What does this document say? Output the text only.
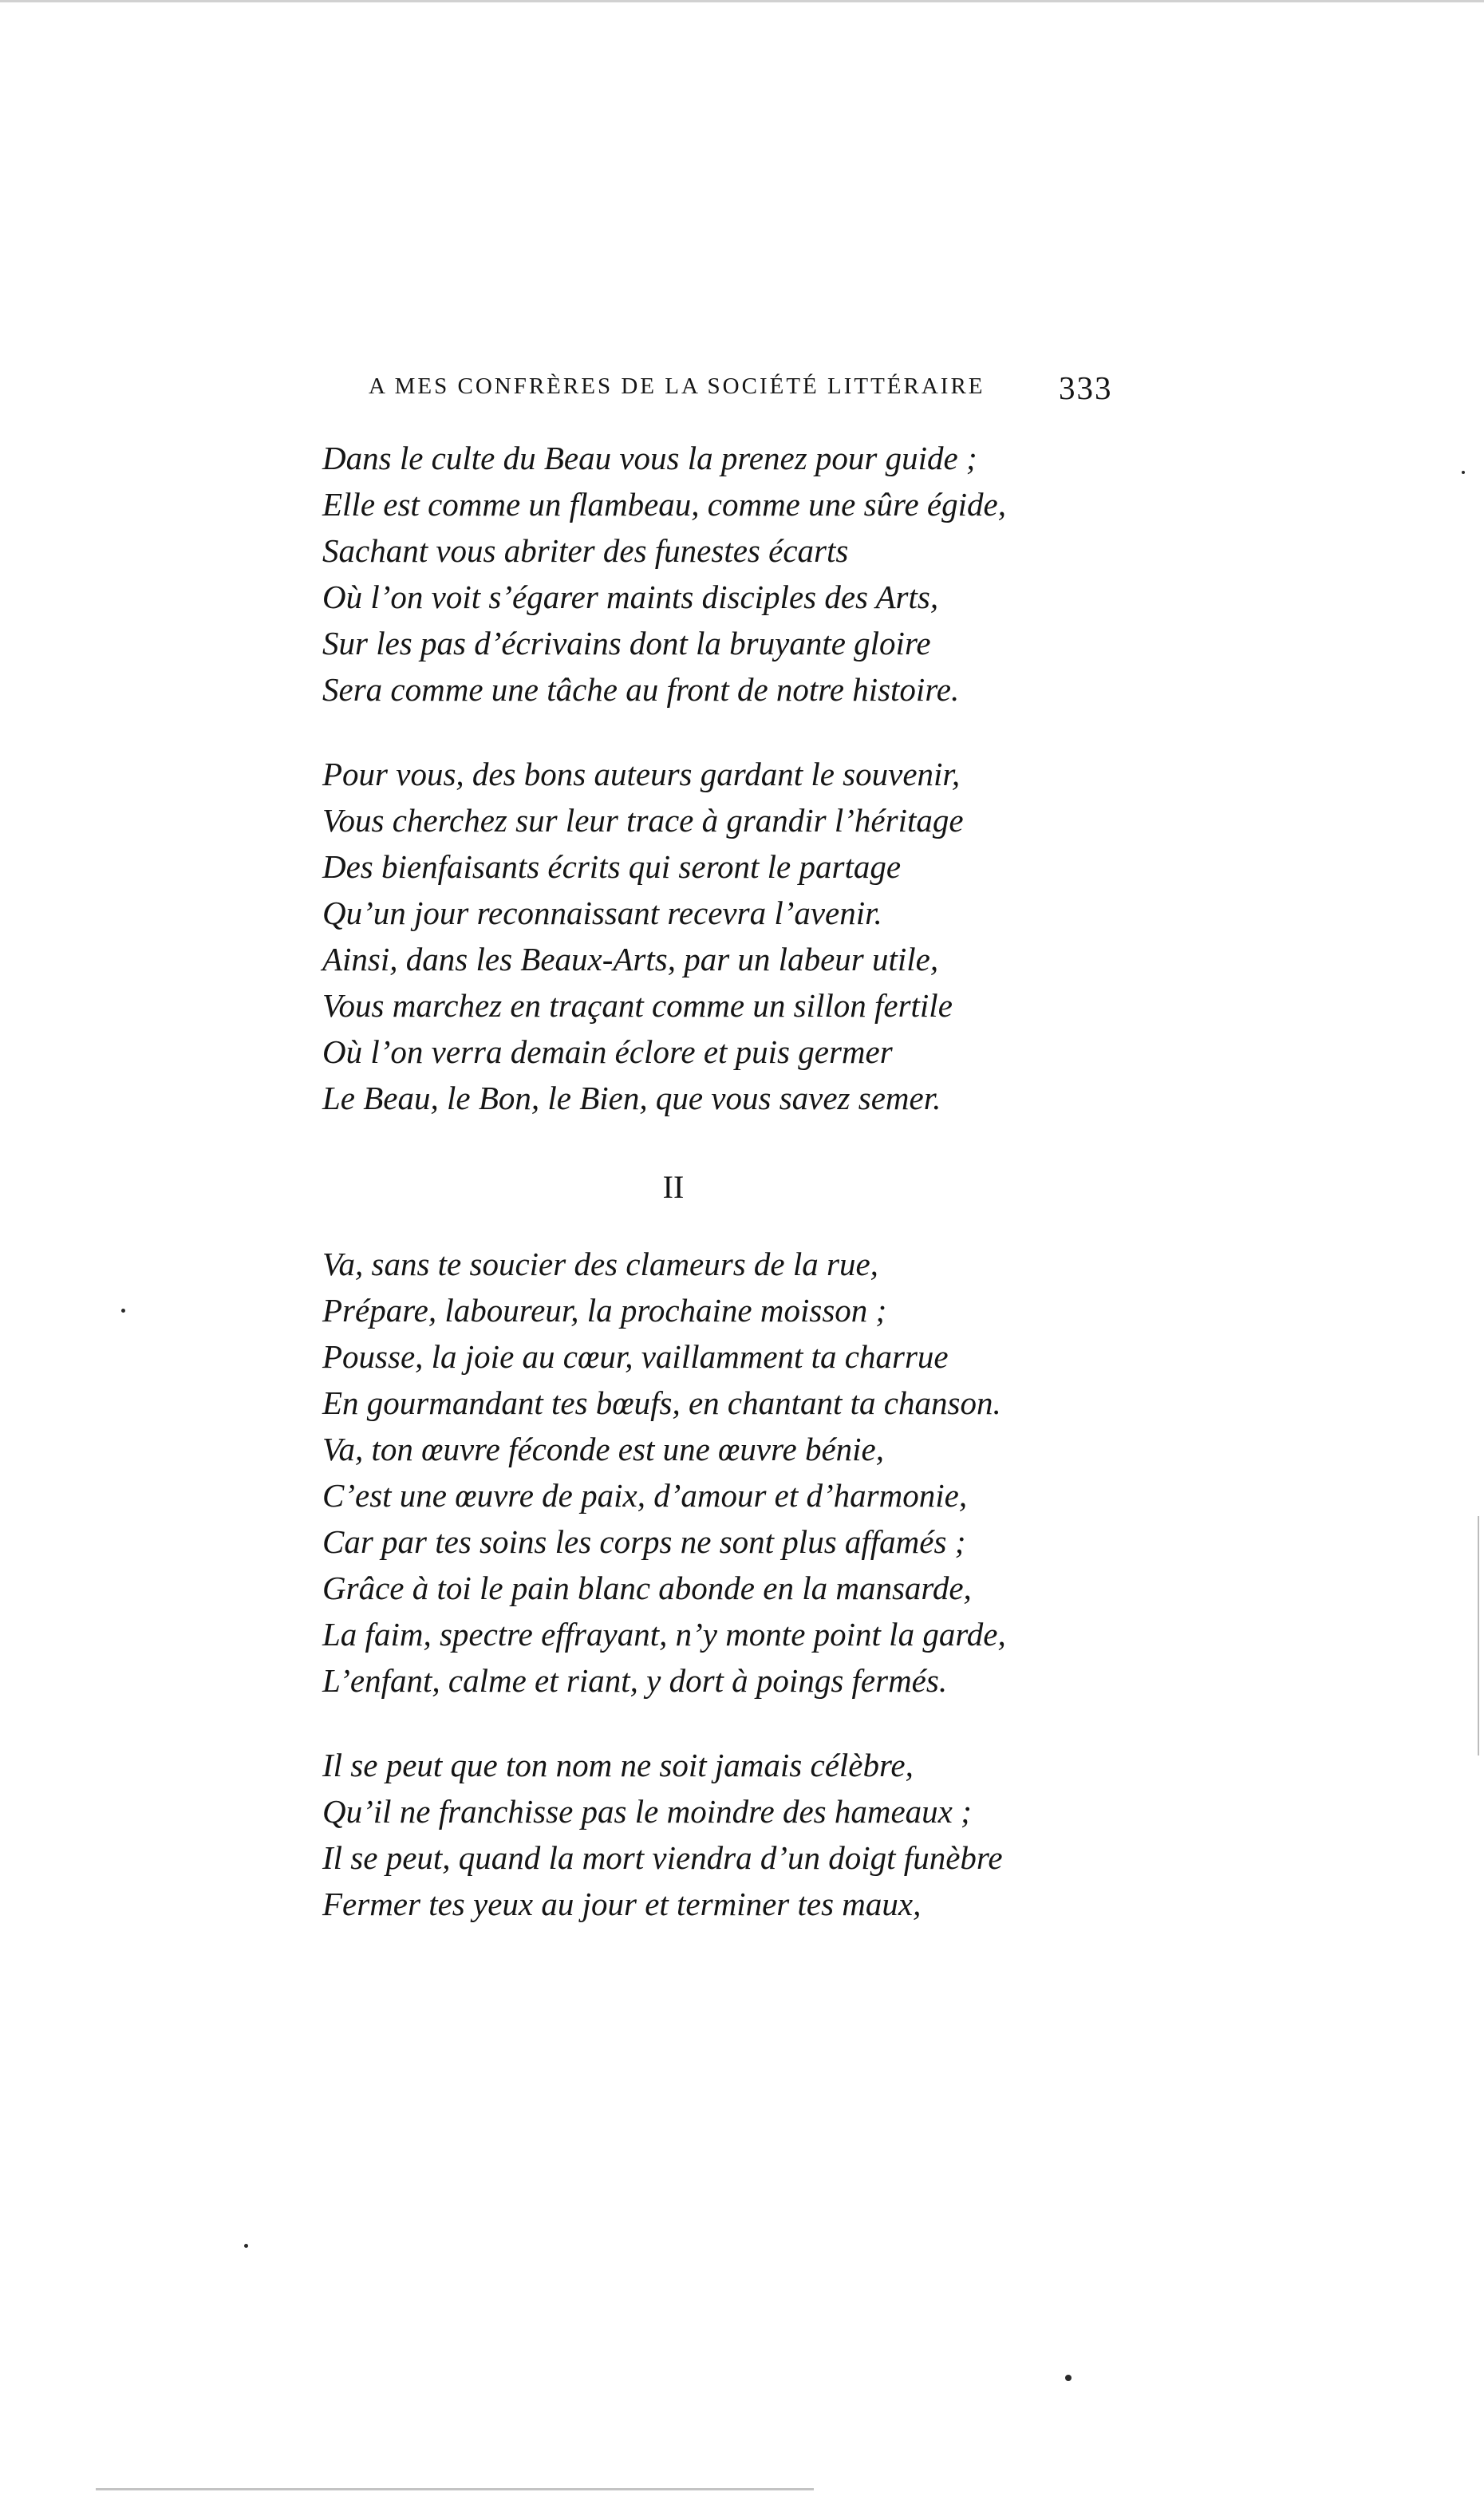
A MES CONFRÈRES DE LA SOCIÉTÉ LITTÉRAIRE 333
Dans le culte du Beau vous la prenez pour guide ;
Elle est comme un flambeau, comme une sûre égide,
Sachant vous abriter des funestes écarts
Où l’on voit s’égarer maints disciples des Arts,
Sur les pas d’écrivains dont la bruyante gloire
Sera comme une tâche au front de notre histoire.
Pour vous, des bons auteurs gardant le souvenir,
Vous cherchez sur leur trace à grandir l’héritage
Des bienfaisants écrits qui seront le partage
Qu’un jour reconnaissant recevra l’avenir.
Ainsi, dans les Beaux-Arts, par un labeur utile,
Vous marchez en traçant comme un sillon fertile
Où l’on verra demain éclore et puis germer
Le Beau, le Bon, le Bien, que vous savez semer.
II
Va, sans te soucier des clameurs de la rue,
Prépare, laboureur, la prochaine moisson ;
Pousse, la joie au cœur, vaillamment ta charrue
En gourmandant tes bœufs, en chantant ta chanson.
Va, ton œuvre féconde est une œuvre bénie,
C’est une œuvre de paix, d’amour et d’harmonie,
Car par tes soins les corps ne sont plus affamés ;
Grâce à toi le pain blanc abonde en la mansarde,
La faim, spectre effrayant, n’y monte point la garde,
L’enfant, calme et riant, y dort à poings fermés.
Il se peut que ton nom ne soit jamais célèbre,
Qu’il ne franchisse pas le moindre des hameaux ;
Il se peut, quand la mort viendra d’un doigt funèbre
Fermer tes yeux au jour et terminer tes maux,
